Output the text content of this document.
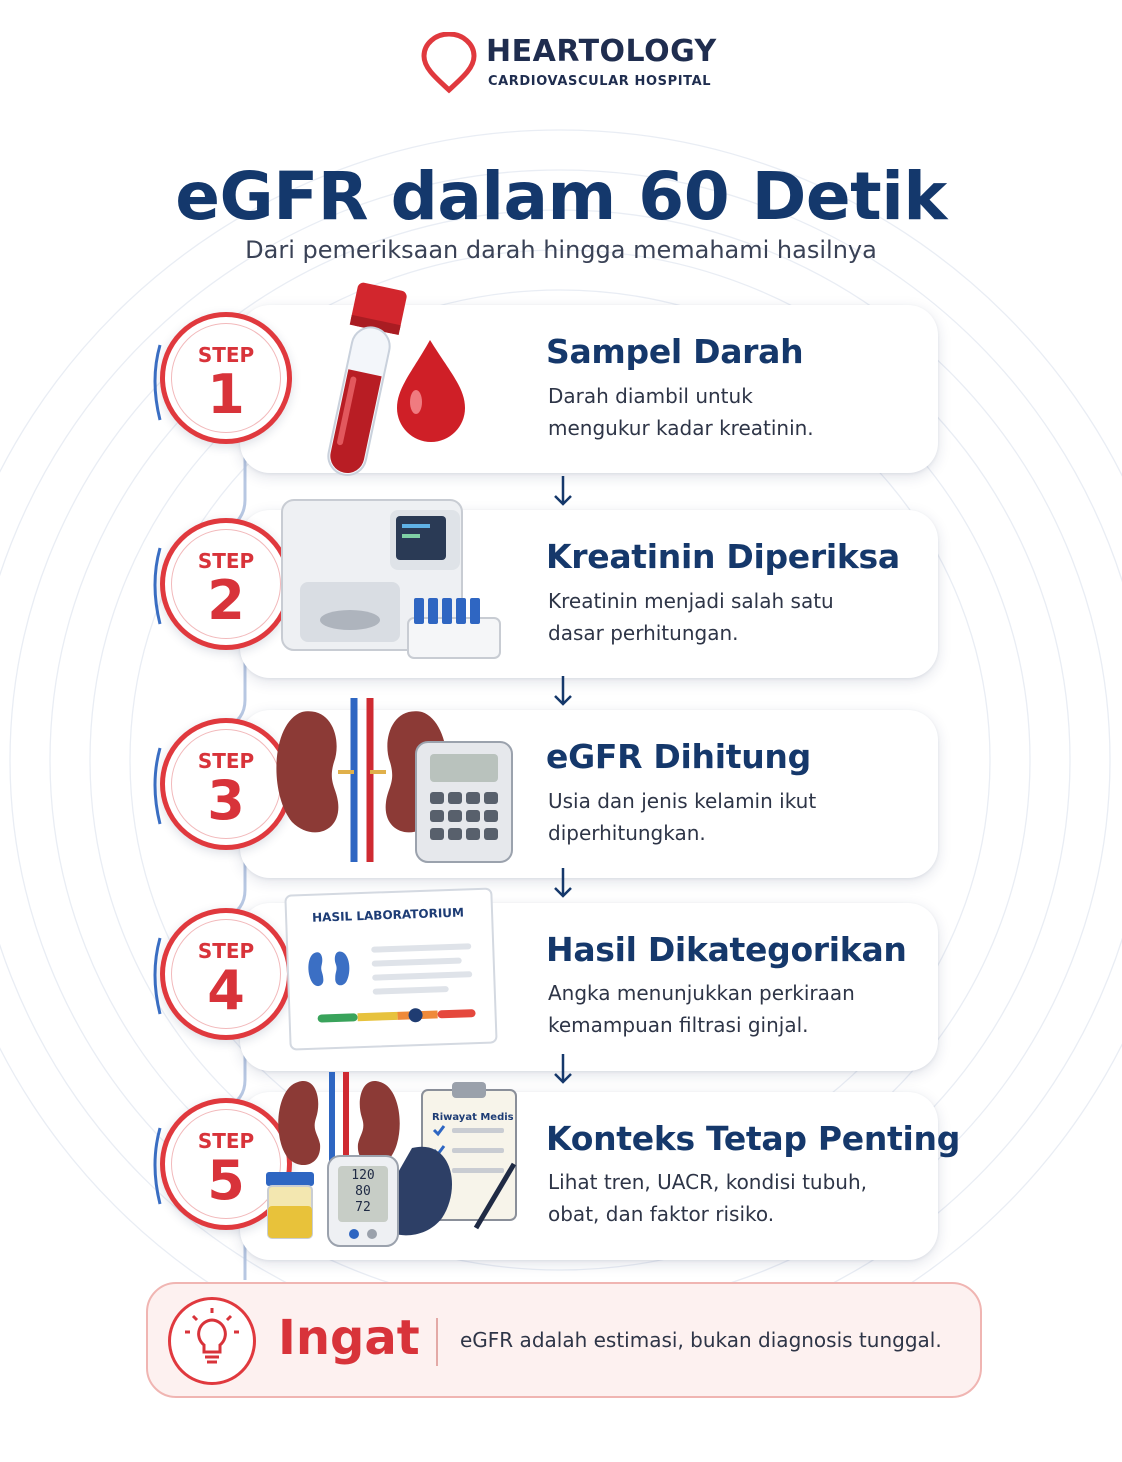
HEARTOLOGY
CARDIOVASCULAR HOSPITAL
eGFR dalam 60 Detik
Dari pemeriksaan darah hingga memahami hasilnya
STEP
1
Sampel Darah
Darah diambil untuk
mengukur kadar kreatinin.
STEP
2
Kreatinin Diperiksa
Kreatinin menjadi salah satu
dasar perhitungan.
STEP
3
eGFR Dihitung
Usia dan jenis kelamin ikut
diperhitungkan.
STEP
4
HASIL LABORATORIUM
Hasil Dikategorikan
Angka menunjukkan perkiraan
kemampuan filtrasi ginjal.
STEP
5
Riwayat Medis
120
80
72
Konteks Tetap Penting
Lihat tren, UACR, kondisi tubuh,
obat, dan faktor risiko.
Ingat eGFR adalah estimasi, bukan diagnosis tunggal.
